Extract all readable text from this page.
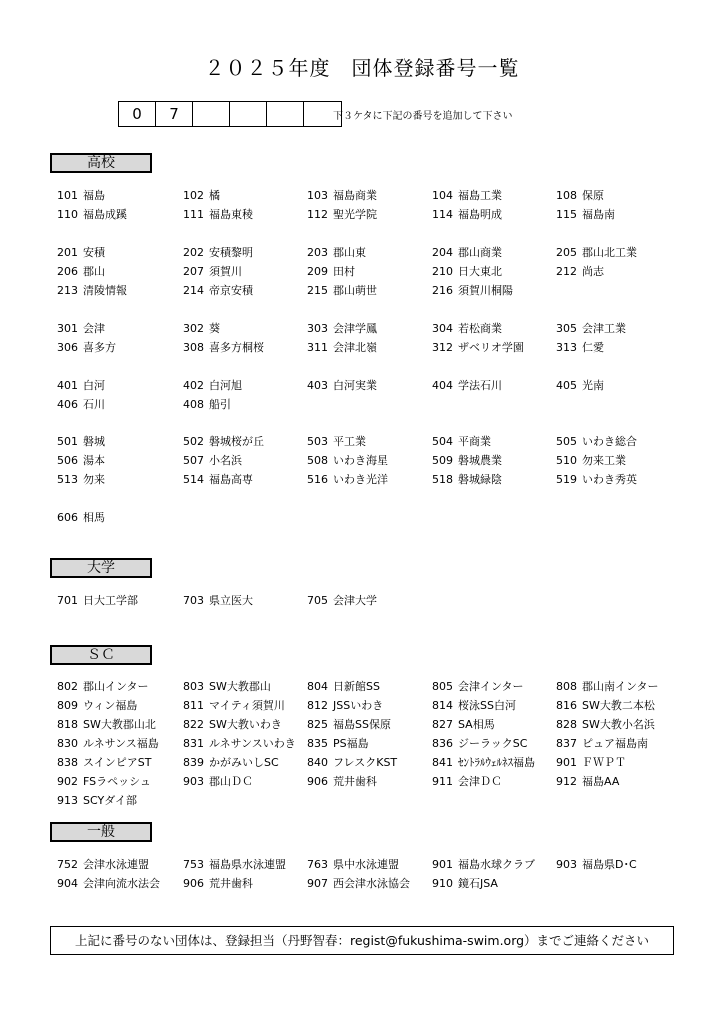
２０２５年度　団体登録番号一覧
0	7	下３ケタに下記の番号を追加して下さい
高校
101 福島	102 橘	103 福島商業	104 福島工業	108 保原
110 福島成蹊	111 福島東稜	112 聖光学院	114 福島明成	115 福島南
201 安積	202 安積黎明	203 郡山東	204 郡山商業	205 郡山北工業
206 郡山	207 須賀川	209 田村	210 日大東北	212 尚志
213 清陵情報	214 帝京安積	215 郡山萌世	216 須賀川桐陽
301 会津	302 葵	303 会津学鳳	304 若松商業	305 会津工業
306 喜多方	308 喜多方桐桜	311 会津北嶺	312 ザベリオ学園	313 仁愛
401 白河	402 白河旭	403 白河実業	404 学法石川	405 光南
406 石川	408 船引
501 磐城	502 磐城桜が丘	503 平工業	504 平商業	505 いわき総合
506 湯本	507 小名浜	508 いわき海星	509 磐城農業	510 勿来工業
513 勿来	514 福島高専	516 いわき光洋	518 磐城緑陰	519 いわき秀英
606 相馬
大学
701 日大工学部	703 県立医大	705 会津大学
ＳＣ
802 郡山インター	803 SW大教郡山	804 日新館SS	805 会津インター	808 郡山南インター
809 ウィン福島	811 マイティ須賀川 812 JSSいわき	814 桜泳SS白河	816 SW大教二本松
818 SW大教郡山北 822 SW大教いわき 825 福島SS保原	827 SA相馬	828 SW大教小名浜
830 ルネサンス福島 831 ルネサンスいわき 835 PS福島	836 ジーラックSC	837 ピュア福島南
838 スインピアST	839 かがみいしSC	840 フレスクKST	841 ｾﾝﾄﾗﾙｳｪﾙﾈｽ福島 901 ＦＷＰＴ
902 FSラペッシュ	903 郡山ＤＣ	906 荒井歯科	911 会津ＤＣ	912 福島AA
913 SCYダイ部
一般
752 会津水泳連盟	753 福島県水泳連盟 763 県中水泳連盟	901 福島水球クラブ 903 福島県D･C
904 会津向流水法会 906 荒井歯科	907 西会津水泳協会 910 鏡石JSA
上記に番号のない団体は、登録担当（丹野智春：regist@fukushima-swim.org）までご連絡ください
